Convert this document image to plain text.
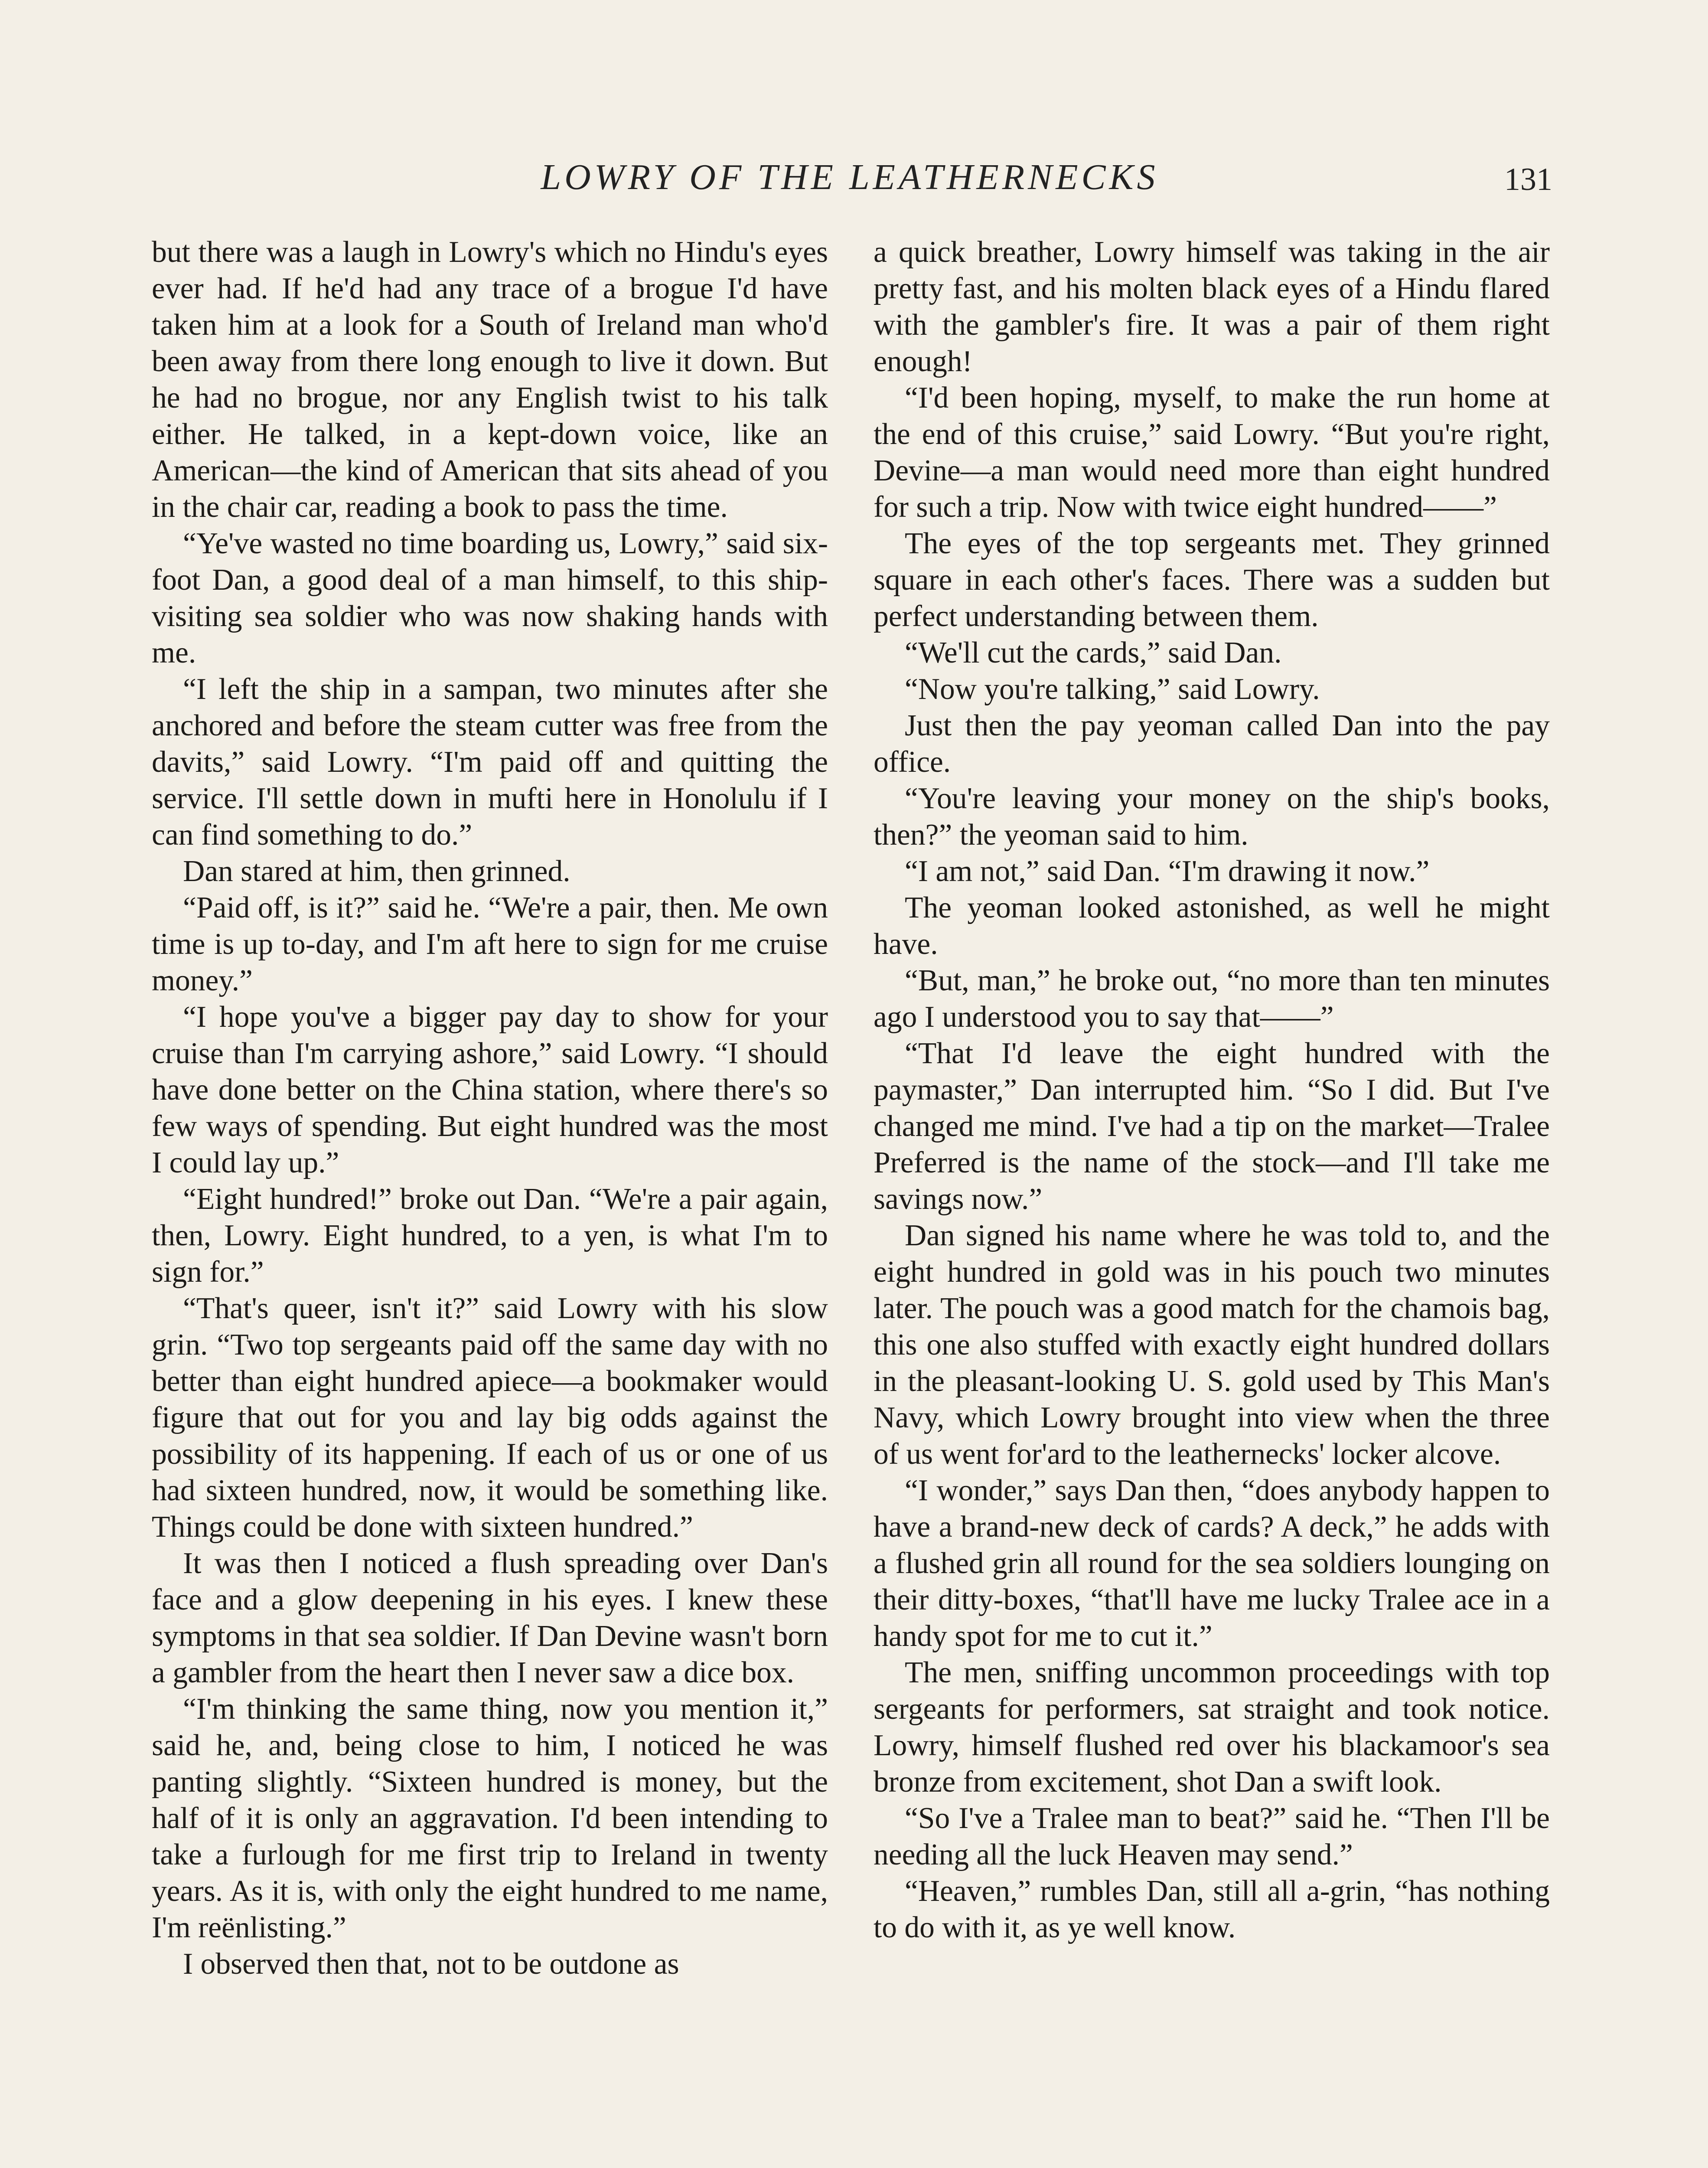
LOWRY OF THE LEATHERNECKS	131

but there was a laugh in Lowry's which no Hindu's eyes ever had. If he'd had any trace of a brogue I'd have taken him at a look for a South of Ireland man who'd been away from there long enough to live it down. But he had no brogue, nor any English twist to his talk either. He talked, in a kept-down voice, like an American—the kind of American that sits ahead of you in the chair car, reading a book to pass the time.

“Ye've wasted no time boarding us, Lowry,” said six-foot Dan, a good deal of a man himself, to this ship-visiting sea soldier who was now shaking hands with me.

“I left the ship in a sampan, two minutes after she anchored and before the steam cutter was free from the davits,” said Lowry. “I'm paid off and quitting the service. I'll settle down in mufti here in Honolulu if I can find something to do.”

Dan stared at him, then grinned.

“Paid off, is it?” said he. “We're a pair, then. Me own time is up to-day, and I'm aft here to sign for me cruise money.”

“I hope you've a bigger pay day to show for your cruise than I'm carrying ashore,” said Lowry. “I should have done better on the China station, where there's so few ways of spending. But eight hundred was the most I could lay up.”

“Eight hundred!” broke out Dan. “We're a pair again, then, Lowry. Eight hundred, to a yen, is what I'm to sign for.”

“That's queer, isn't it?” said Lowry with his slow grin. “Two top sergeants paid off the same day with no better than eight hundred apiece—a bookmaker would figure that out for you and lay big odds against the possibility of its happening. If each of us or one of us had sixteen hundred, now, it would be something like. Things could be done with sixteen hundred.”

It was then I noticed a flush spreading over Dan's face and a glow deepening in his eyes. I knew these symptoms in that sea soldier. If Dan Devine wasn't born a gambler from the heart then I never saw a dice box.

“I'm thinking the same thing, now you mention it,” said he, and, being close to him, I noticed he was panting slightly. “Sixteen hundred is money, but the half of it is only an aggravation. I'd been intending to take a furlough for me first trip to Ireland in twenty years. As it is, with only the eight hundred to me name, I'm reënlisting.”

I observed then that, not to be outdone as

a quick breather, Lowry himself was taking in the air pretty fast, and his molten black eyes of a Hindu flared with the gambler's fire. It was a pair of them right enough!

“I'd been hoping, myself, to make the run home at the end of this cruise,” said Lowry. “But you're right, Devine—a man would need more than eight hundred for such a trip. Now with twice eight hundred——”

The eyes of the top sergeants met. They grinned square in each other's faces. There was a sudden but perfect understanding between them.

“We'll cut the cards,” said Dan.

“Now you're talking,” said Lowry.

Just then the pay yeoman called Dan into the pay office.

“You're leaving your money on the ship's books, then?” the yeoman said to him.

“I am not,” said Dan. “I'm drawing it now.”

The yeoman looked astonished, as well he might have.

“But, man,” he broke out, “no more than ten minutes ago I understood you to say that——”

“That I'd leave the eight hundred with the paymaster,” Dan interrupted him. “So I did. But I've changed me mind. I've had a tip on the market—Tralee Preferred is the name of the stock—and I'll take me savings now.”

Dan signed his name where he was told to, and the eight hundred in gold was in his pouch two minutes later. The pouch was a good match for the chamois bag, this one also stuffed with exactly eight hundred dollars in the pleasant-looking U. S. gold used by This Man's Navy, which Lowry brought into view when the three of us went for'ard to the leathernecks' locker alcove.

“I wonder,” says Dan then, “does anybody happen to have a brand-new deck of cards? A deck,” he adds with a flushed grin all round for the sea soldiers lounging on their ditty-boxes, “that'll have me lucky Tralee ace in a handy spot for me to cut it.”

The men, sniffing uncommon proceedings with top sergeants for performers, sat straight and took notice. Lowry, himself flushed red over his blackamoor's sea bronze from excitement, shot Dan a swift look.

“So I've a Tralee man to beat?” said he. “Then I'll be needing all the luck Heaven may send.”

“Heaven,” rumbles Dan, still all a-grin, “has nothing to do with it, as ye well know.
